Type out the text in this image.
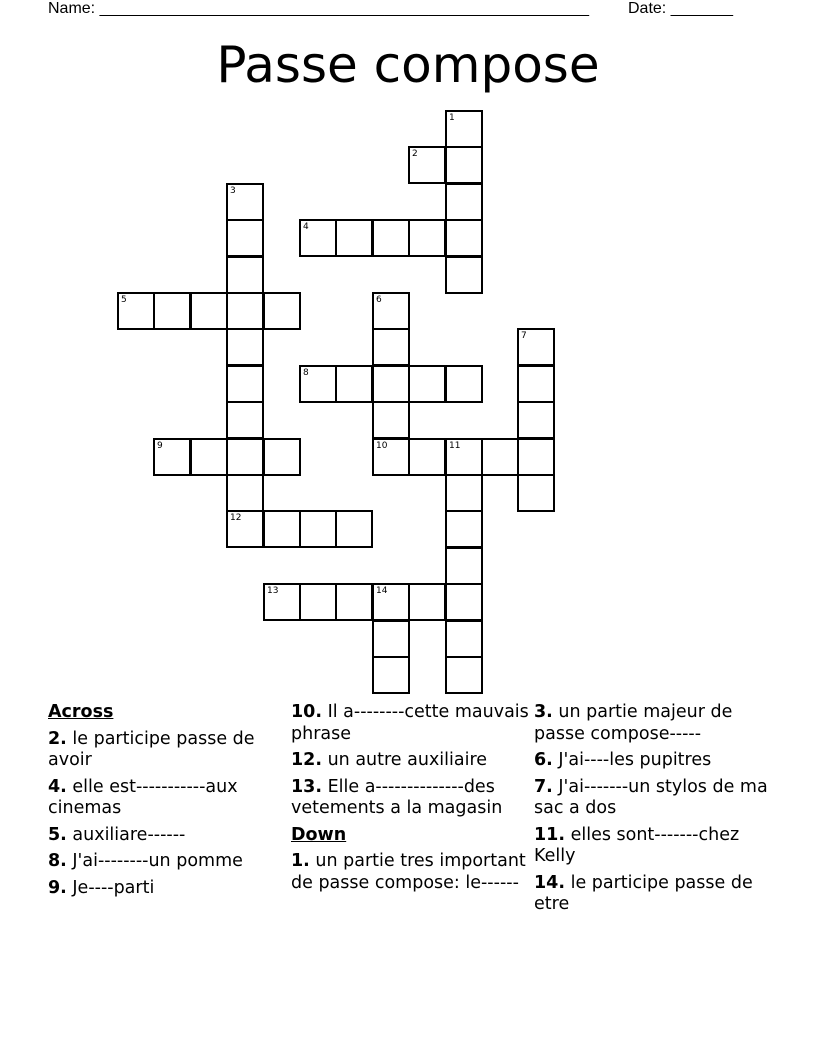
Name: _______________________________________________________ Date: _______
Passe compose
1
2
3
12
4
5	6
10
7
8
9	11
13	14
Across
2. le participe passe de avoir
4. elle est-----------aux cinemas
5. auxiliare------
8. J'ai--------un pomme
9. Je----parti
10. Il a--------cette mauvais phrase
12. un autre auxiliaire
13. Elle a--------------des vetements a la magasin
Down
1. un partie tres important de passe compose: le------
3. un partie majeur de passe compose-----
6. J'ai----les pupitres
7. J'ai-------un stylos de ma sac a dos
11. elles sont-------chez Kelly
14. le participe passe de etre
